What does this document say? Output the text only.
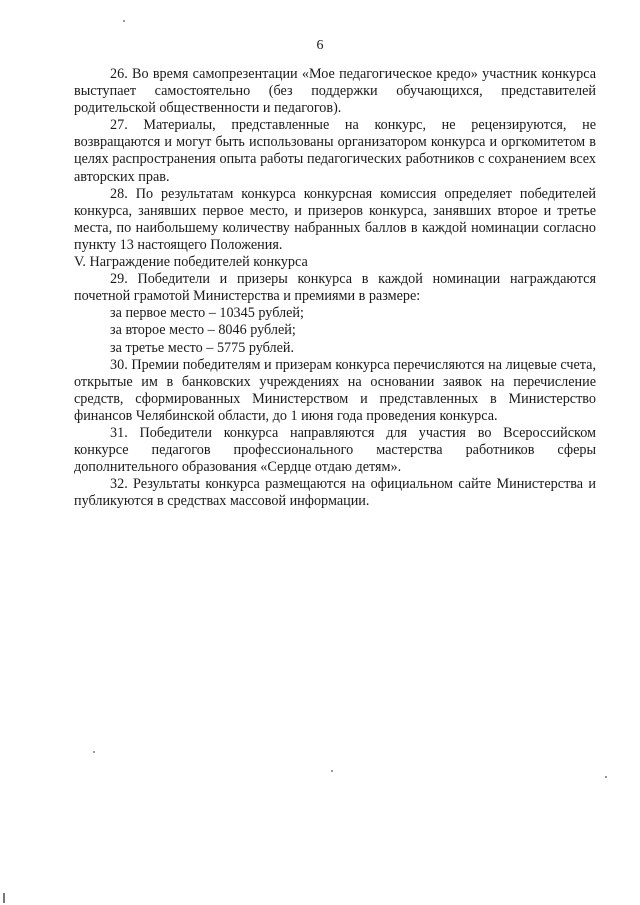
6

26. Во время самопрезентации «Мое педагогическое кредо» участник конкурса выступает самостоятельно (без поддержки обучающихся, представителей родительской общественности и педагогов).

27. Материалы, представленные на конкурс, не рецензируются, не возвращаются и могут быть использованы организатором конкурса и оргкомитетом в целях распространения опыта работы педагогических работников с сохранением всех авторских прав.

28. По результатам конкурса конкурсная комиссия определяет победителей конкурса, занявших первое место, и призеров конкурса, занявших второе и третье места, по наибольшему количеству набранных баллов в каждой номинации согласно пункту 13 настоящего Положения.

V. Награждение победителей конкурса

29. Победители и призеры конкурса в каждой номинации награждаются почетной грамотой Министерства и премиями в размере:

за первое место – 10345 рублей;

за второе место – 8046 рублей;

за третье место – 5775 рублей.

30. Премии победителям и призерам конкурса перечисляются на лицевые счета, открытые им в банковских учреждениях на основании заявок на перечисление средств, сформированных Министерством и представленных в Министерство финансов Челябинской области, до 1 июня года проведения конкурса.

31. Победители конкурса направляются для участия во Всероссийском конкурсе педагогов профессионального мастерства работников сферы дополнительного образования «Сердце отдаю детям».

32. Результаты конкурса размещаются на официальном сайте Министерства и публикуются в средствах массовой информации.
